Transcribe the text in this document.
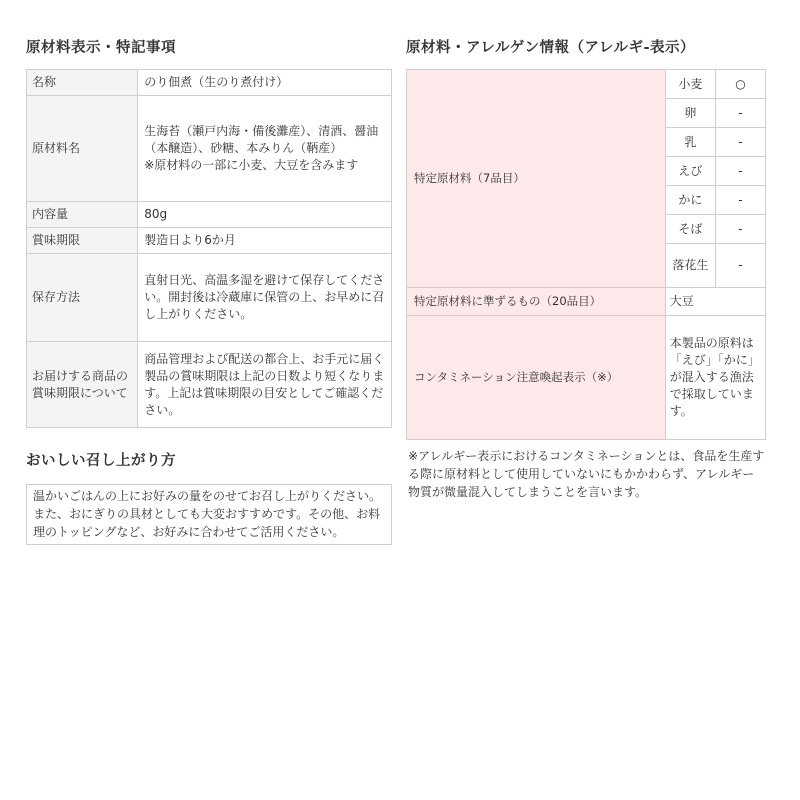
原材料表示・特記事項
名称	のり佃煮（生のり煮付け）
原材料名	生海苔（瀬戸内海・備後灘産）、清酒、醤油（本醸造）、砂糖、本みりん（鞆産）
※原材料の一部に小麦、大豆を含みます

内容量	80g
賞味期限	製造日より6か月
保存方法	直射日光、高温多湿を避けて保存してください。開封後は冷蔵庫に保管の上、お早めに召し上がりください。
お届けする商品の賞味期限について	商品管理および配送の都合上、お手元に届く製品の賞味期限は上記の日数より短くなります。上記は賞味期限の目安としてご確認ください。
おいしい召し上がり方
温かいごはんの上にお好みの量をのせてお召し上がりください。また、おにぎりの具材としても大変おすすめです。その他、お料理のトッピングなど、お好みに合わせてご活用ください。
原材料・アレルゲン情報（アレルギ-表示）
特定原材料（7品目）	小麦	○
	卵	-
	乳	-
	えび	-
	かに	-
	そば	-
	落花生	-
特定原材料に準ずるもの（20品目）	大豆	
コンタミネーション注意喚起表示（※）	本製品の原料は「えび」「かに」が混入する漁法で採取しています。	
※アレルギー表示におけるコンタミネーションとは、食品を生産する際に原材料として使用していないにもかかわらず、アレルギー物質が微量混入してしまうことを言います。
